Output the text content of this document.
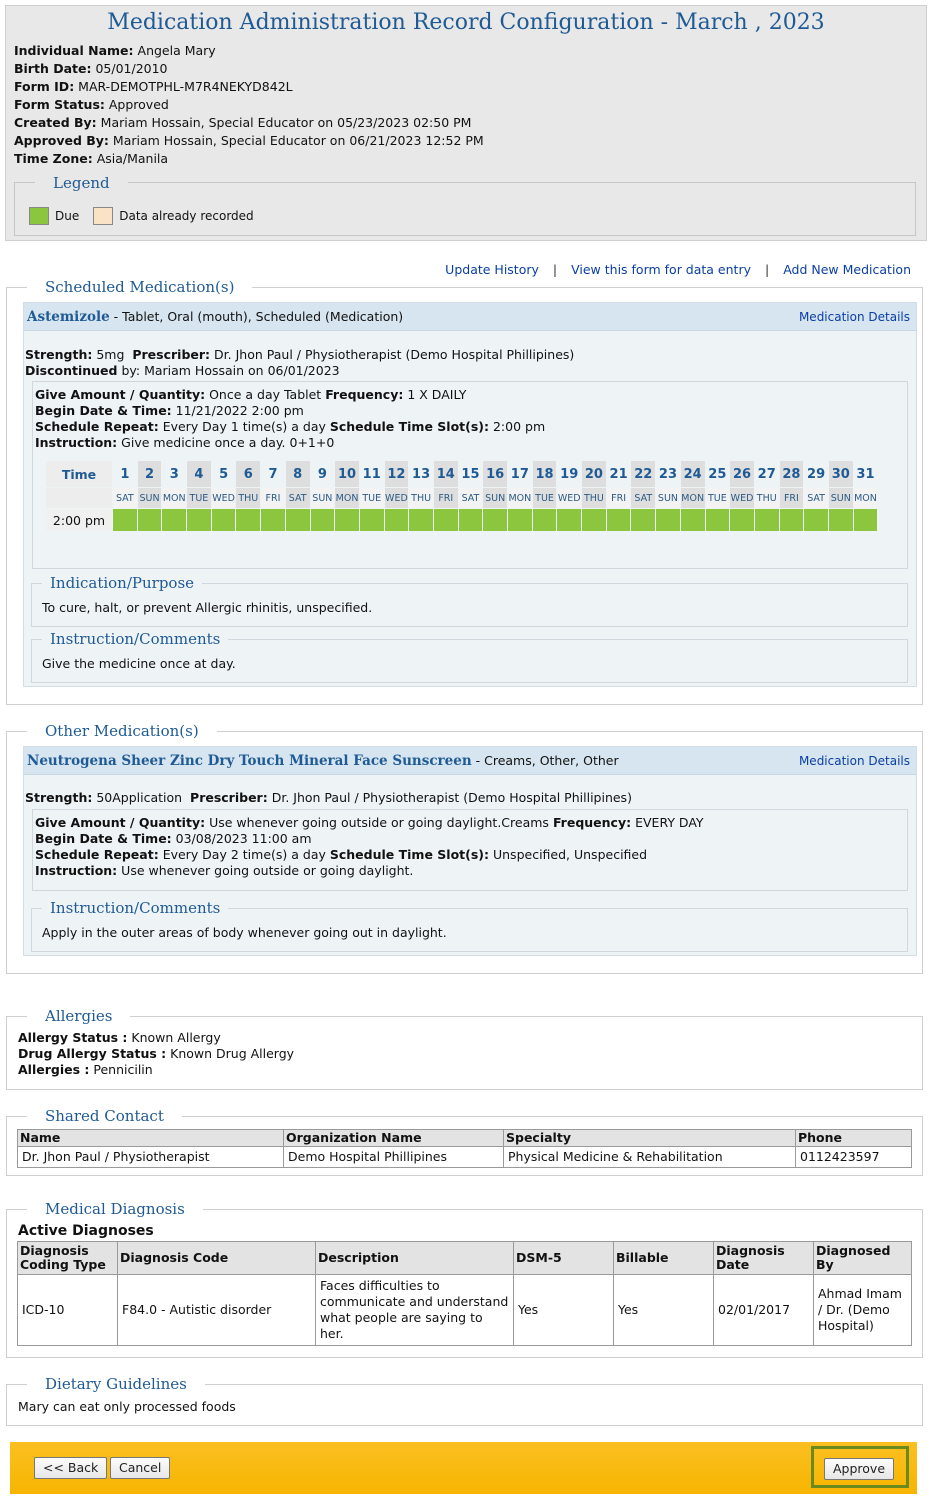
Medication Administration Record Configuration - March , 2023
Individual Name: Angela Mary
Birth Date: 05/01/2010
Form ID: MAR-DEMOTPHL-M7R4NEKYD842L
Form Status: Approved
Created By: Mariam Hossain, Special Educator on 05/23/2023 02:50 PM
Approved By: Mariam Hossain, Special Educator on 06/21/2023 12:52 PM
Time Zone: Asia/Manila
Legend
Due	Data already recorded
Update History | View this form for data entry | Add New Medication
Scheduled Medication(s)
Astemizole - Tablet, Oral (mouth), Scheduled (Medication)	Medication Details
Strength: 5mg Prescriber: Dr. Jhon Paul / Physiotherapist (Demo Hospital Phillipines)
Discontinued by: Mariam Hossain on 06/01/2023
Give Amount / Quantity: Once a day Tablet Frequency: 1 X DAILY
Begin Date & Time: 11/21/2022 2:00 pm
Schedule Repeat: Every Day 1 time(s) a day Schedule Time Slot(s): 2:00 pm
Instruction: Give medicine once a day. 0+1+0
Time	1	2	3	4	5	6	7	8	9	10	11	12	13	14	15	16	17	18	19	20	21	22	23	24	25	26	27	28	29	30	31
	SAT	SUN	MON	TUE	WED	THU	FRI	SAT	SUN	MON	TUE	WED	THU	FRI	SAT	SUN	MON	TUE	WED	THU	FRI	SAT	SUN	MON	TUE	WED	THU	FRI	SAT	SUN	MON
2:00 pm																															
Indication/Purpose
To cure, halt, or prevent Allergic rhinitis, unspecified.
Instruction/Comments
Give the medicine once at day.
Other Medication(s)
Neutrogena Sheer Zinc Dry Touch Mineral Face Sunscreen - Creams, Other, Other	Medication Details
Strength: 50Application Prescriber: Dr. Jhon Paul / Physiotherapist (Demo Hospital Phillipines)
Give Amount / Quantity: Use whenever going outside or going daylight.Creams Frequency: EVERY DAY
Begin Date & Time: 03/08/2023 11:00 am
Schedule Repeat: Every Day 2 time(s) a day Schedule Time Slot(s): Unspecified, Unspecified
Instruction: Use whenever going outside or going daylight.
Instruction/Comments
Apply in the outer areas of body whenever going out in daylight.
Allergies
Allergy Status : Known Allergy
Drug Allergy Status : Known Drug Allergy
Allergies : Pennicilin
Shared Contact
Name	Organization Name	Specialty	Phone
Dr. Jhon Paul / Physiotherapist	Demo Hospital Phillipines	Physical Medicine & Rehabilitation	0112423597
Medical Diagnosis
Active Diagnoses
Diagnosis Coding Type	Diagnosis Code	Description	DSM-5	Billable	Diagnosis Date	Diagnosed By
ICD-10	F84.0 - Autistic disorder	Faces difficulties to communicate and understand what people are saying to her.	Yes	Yes	02/01/2017	Ahmad Imam / Dr. (Demo Hospital)
Dietary Guidelines
Mary can eat only processed foods
<< Back	Cancel	Approve
